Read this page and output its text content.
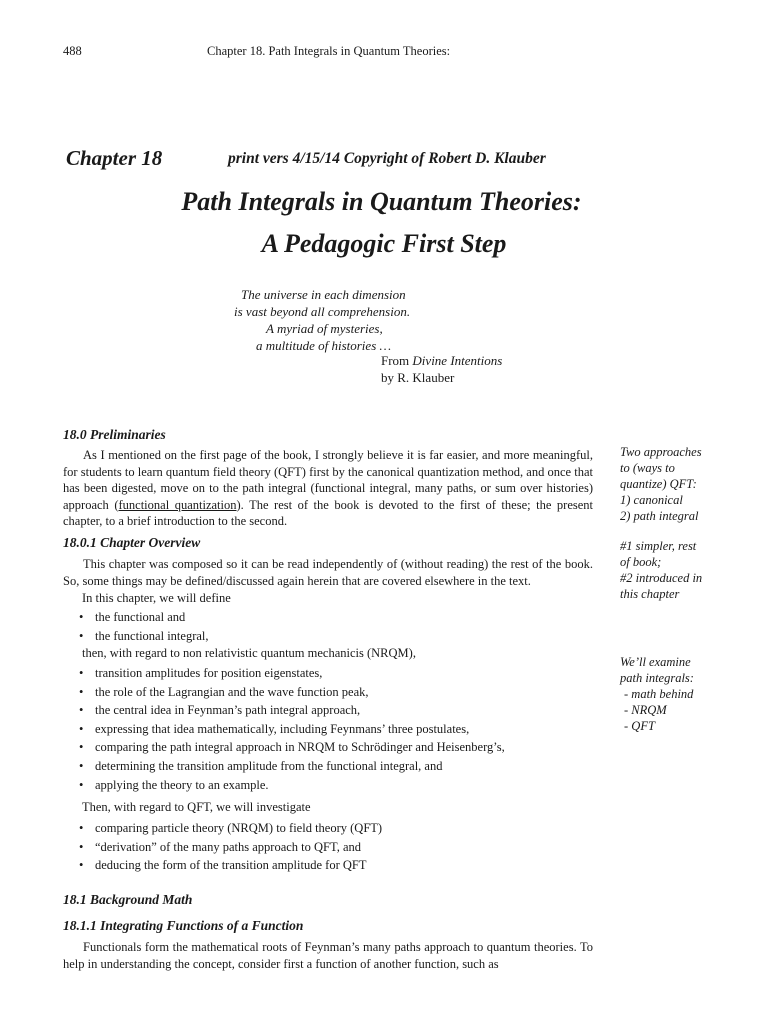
488	Chapter 18. Path Integrals in Quantum Theories:
Chapter 18	print vers 4/15/14 Copyright of Robert D. Klauber
Path Integrals in Quantum Theories:
A Pedagogic First Step
The universe in each dimension
is vast beyond all comprehension.
A myriad of mysteries,
a multitude of histories …
From Divine Intentions
by R. Klauber
18.0 Preliminaries
As I mentioned on the first page of the book, I strongly believe it is far easier, and more meaningful, for students to learn quantum field theory (QFT) first by the canonical quantization method, and once that has been digested, move on to the path integral (functional integral, many paths, or sum over histories) approach (functional quantization). The rest of the book is devoted to the first of these; the present chapter, to a brief introduction to the second.
18.0.1 Chapter Overview
This chapter was composed so it can be read independently of (without reading) the rest of the book. So, some things may be defined/discussed again herein that are covered elsewhere in the text.
In this chapter, we will define
• the functional and
• the functional integral,
then, with regard to non relativistic quantum mechanicis (NRQM),
• transition amplitudes for position eigenstates,
• the role of the Lagrangian and the wave function peak,
• the central idea in Feynman’s path integral approach,
• expressing that idea mathematically, including Feynmans’ three postulates,
• comparing the path integral approach in NRQM to Schrödinger and Heisenberg’s,
• determining the transition amplitude from the functional integral, and
• applying the theory to an example.
Then, with regard to QFT, we will investigate
• comparing particle theory (NRQM) to field theory (QFT)
• “derivation” of the many paths approach to QFT, and
• deducing the form of the transition amplitude for QFT
18.1 Background Math
18.1.1 Integrating Functions of a Function
Functionals form the mathematical roots of Feynman’s many paths approach to quantum theories. To help in understanding the concept, consider first a function of another function, such as
Two approaches
to (ways to
quantize) QFT:
1) canonical
2) path integral
#1 simpler, rest
of book;
#2 introduced in
this chapter
We’ll examine
path integrals:
- math behind
- NRQM
- QFT
